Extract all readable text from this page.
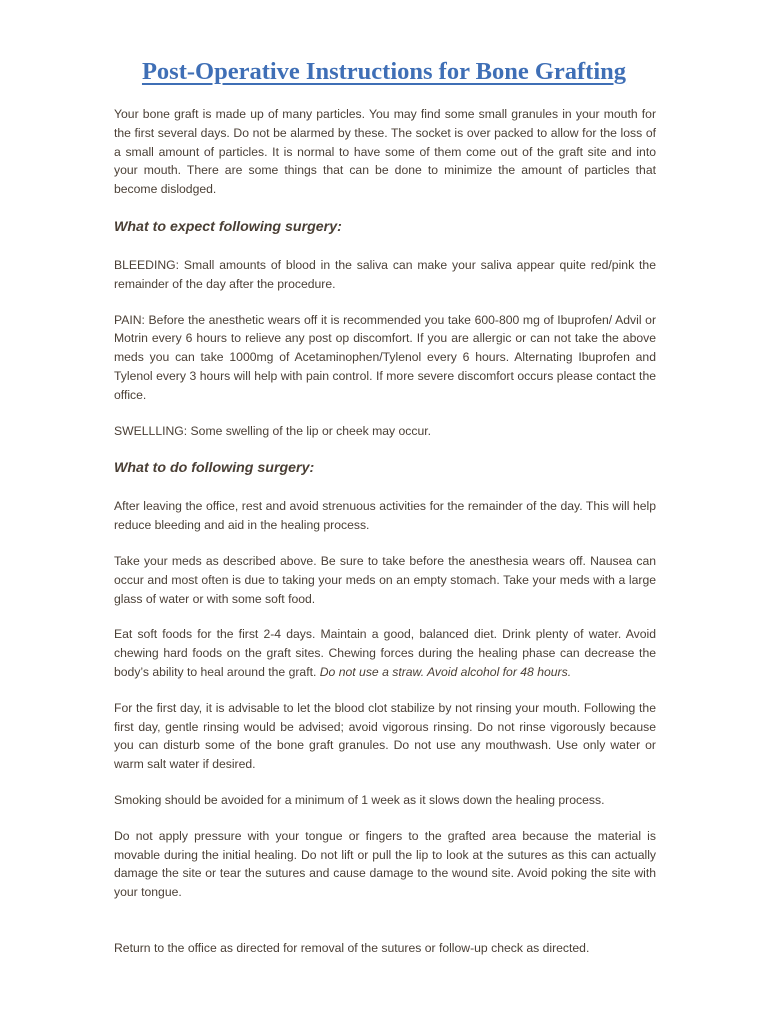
Post-Operative Instructions for Bone Grafting

Your bone graft is made up of many particles. You may find some small granules in your mouth for the first several days. Do not be alarmed by these. The socket is over packed to allow for the loss of a small amount of particles. It is normal to have some of them come out of the graft site and into your mouth. There are some things that can be done to minimize the amount of particles that become dislodged.

What to expect following surgery:

BLEEDING: Small amounts of blood in the saliva can make your saliva appear quite red/pink the remainder of the day after the procedure.

PAIN: Before the anesthetic wears off it is recommended you take 600-800 mg of Ibuprofen/ Advil or Motrin every 6 hours to relieve any post op discomfort. If you are allergic or can not take the above meds you can take 1000mg of Acetaminophen/Tylenol every 6 hours. Alternating Ibuprofen and Tylenol every 3 hours will help with pain control. If more severe discomfort occurs please contact the office.

SWELLLING: Some swelling of the lip or cheek may occur.

What to do following surgery:

After leaving the office, rest and avoid strenuous activities for the remainder of the day. This will help reduce bleeding and aid in the healing process.

Take your meds as described above. Be sure to take before the anesthesia wears off. Nausea can occur and most often is due to taking your meds on an empty stomach. Take your meds with a large glass of water or with some soft food.

Eat soft foods for the first 2-4 days. Maintain a good, balanced diet. Drink plenty of water. Avoid chewing hard foods on the graft sites. Chewing forces during the healing phase can decrease the body’s ability to heal around the graft. Do not use a straw. Avoid alcohol for 48 hours.

For the first day, it is advisable to let the blood clot stabilize by not rinsing your mouth. Following the first day, gentle rinsing would be advised; avoid vigorous rinsing. Do not rinse vigorously because you can disturb some of the bone graft granules. Do not use any mouthwash. Use only water or warm salt water if desired.

Smoking should be avoided for a minimum of 1 week as it slows down the healing process.

Do not apply pressure with your tongue or fingers to the grafted area because the material is movable during the initial healing. Do not lift or pull the lip to look at the sutures as this can actually damage the site or tear the sutures and cause damage to the wound site. Avoid poking the site with your tongue.

Return to the office as directed for removal of the sutures or follow-up check as directed.
